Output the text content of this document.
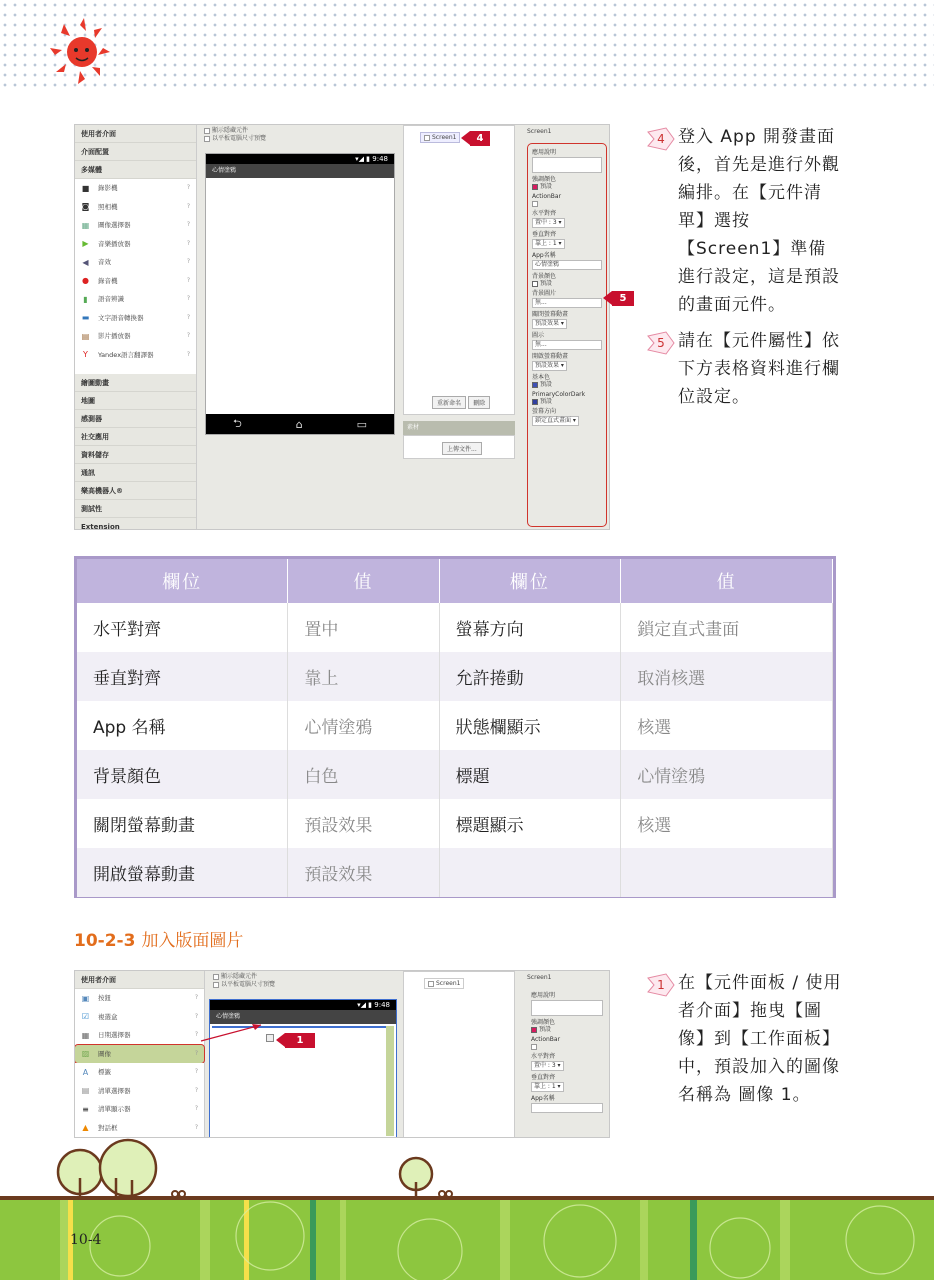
使用者介面
介面配置
多媒體
■ 錄影機	?
◙ 照相機	?
▦ 圖像選擇器	?
▶ 音樂播放器	?
◀ 音效	?
● 錄音機	?
▮ 語音辨識	?
▬ 文字語音轉換器	?
▤ 影片播放器	?
Y Yandex語言翻譯器	?
繪圖動畫
地圖
感測器
社交應用
資料儲存
通訊
樂高機器人®
測試性
Extension
顯示隱藏元件
以平板電腦尺寸預覽
▾◢ ▮ 9:48
心情塗鴉
⮌	⌂	▭
Screen1	4
重新命名 刪除
素材
上傳文件...
Screen1
應用說明
強調顏色
預設
ActionBar
水平對齊
置中 : 3 ▾
垂直對齊
靠上 : 1 ▾
App名稱
心情塗鴉
背景顏色
預設
背景圖片
無...
關閉螢幕動畫
預設效果 ▾
圖示
無...
開啟螢幕動畫
預設效果 ▾
基本色
預設
PrimaryColorDark
預設
螢幕方向
鎖定直式畫面 ▾
5
4 登入 App 開發畫面後，首先是進行外觀編排。在【元件清單】選按【Screen1】準備進行設定，這是預設的畫面元件。
5 請在【元件屬性】依下方表格資料進行欄位設定。
欄位	值	欄位	值
水平對齊	置中	螢幕方向	鎖定直式畫面
垂直對齊	靠上	允許捲動	取消核選
App 名稱	心情塗鴉	狀態欄顯示	核選
背景顏色	白色	標題	心情塗鴉
關閉螢幕動畫	預設效果	標題顯示	核選
開啟螢幕動畫	預設效果		
10-2-3 加入版面圖片
使用者介面
▣ 按鈕	?
☑ 複選盒	?
▦ 日期選擇器	?
▨ 圖像	?
A 標籤	?
▤ 清單選擇器	?
≡ 清單顯示器	?
▲ 對話框	?
顯示隱藏元件
以平板電腦尺寸預覽
▾◢ ▮ 9:48
心情塗鴉
1
Screen1
Screen1
應用說明
強調顏色
預設
ActionBar
水平對齊
置中 : 3 ▾
垂直對齊
靠上 : 1 ▾
App名稱
1 在【元件面板 / 使用者介面】拖曳【圖像】到【工作面板】中，預設加入的圖像名稱為 圖像 1。
10-4
